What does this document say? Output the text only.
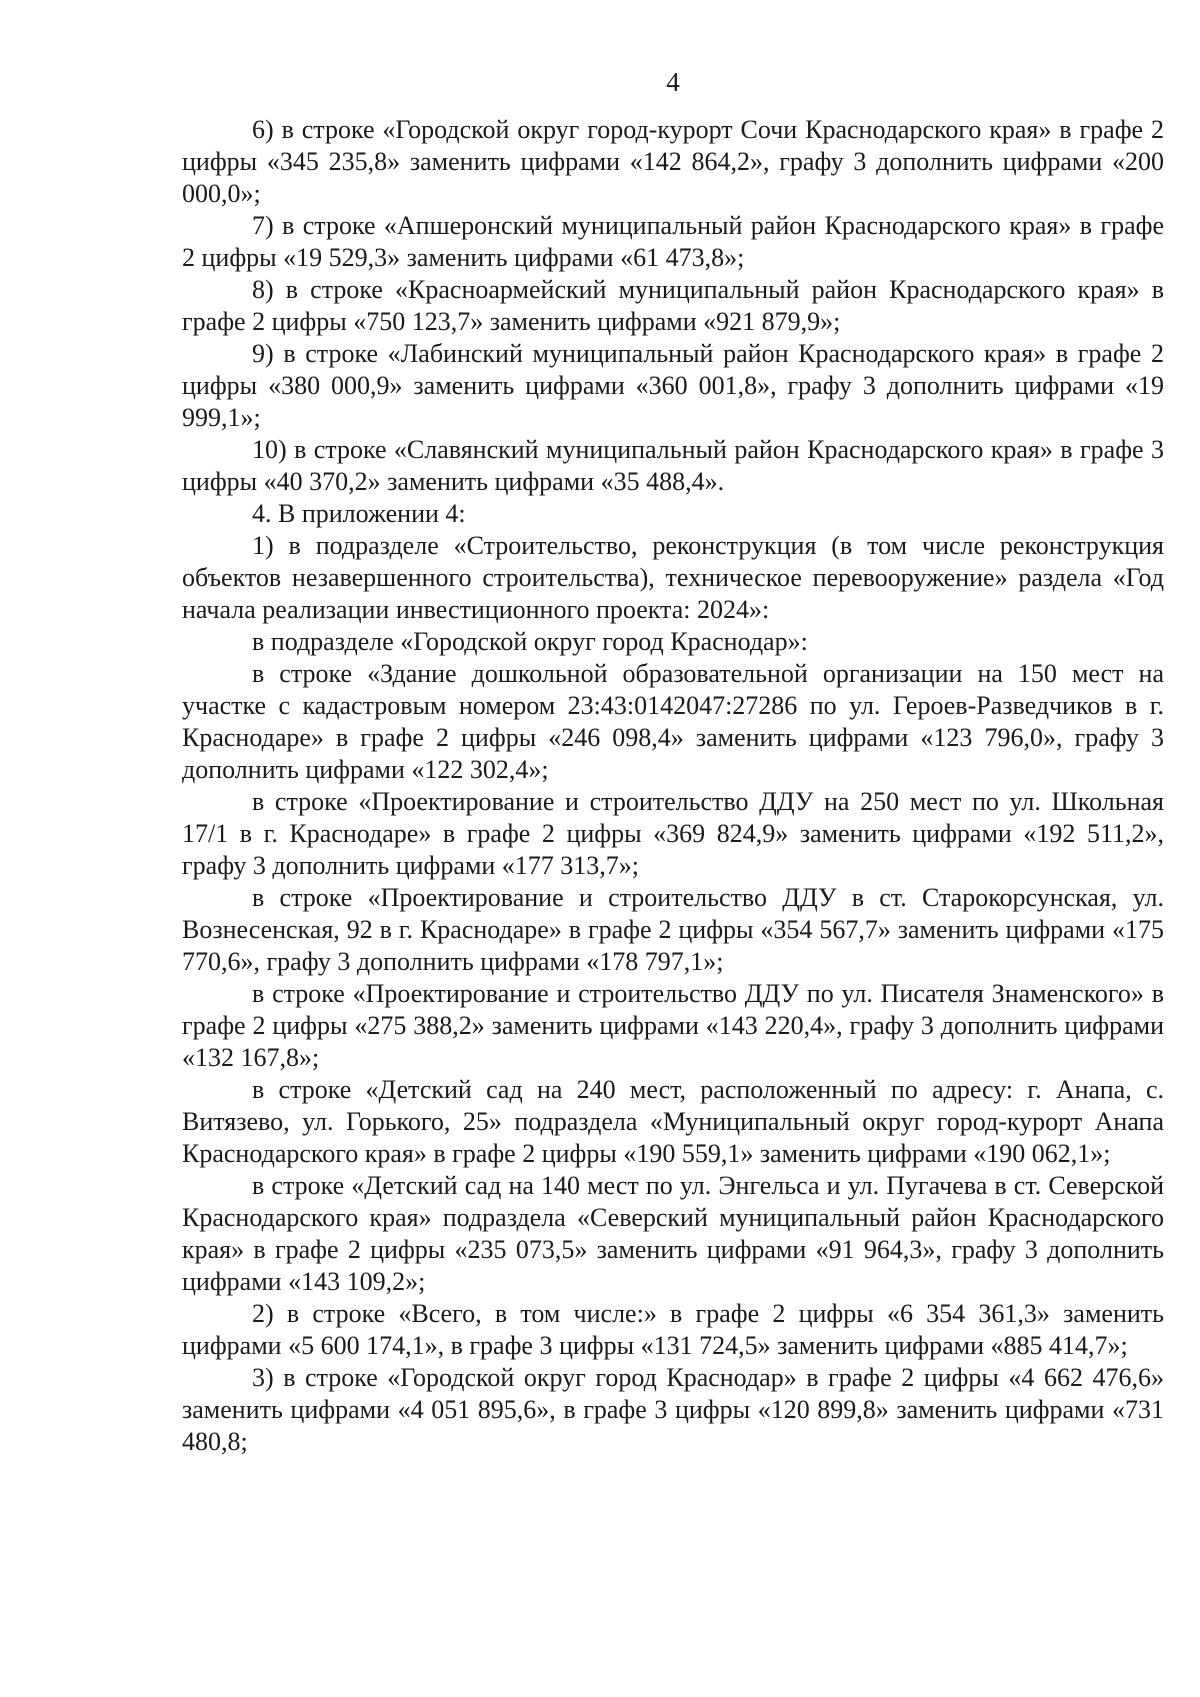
4

6) в строке «Городской округ город-курорт Сочи Краснодарского края» в графе 2 цифры «345 235,8» заменить цифрами «142 864,2», графу 3 дополнить цифрами «200 000,0»;

7) в строке «Апшеронский муниципальный район Краснодарского края» в графе 2 цифры «19 529,3» заменить цифрами «61 473,8»;

8) в строке «Красноармейский муниципальный район Краснодарского края» в графе 2 цифры «750 123,7» заменить цифрами «921 879,9»;

9) в строке «Лабинский муниципальный район Краснодарского края» в графе 2 цифры «380 000,9» заменить цифрами «360 001,8», графу 3 дополнить цифрами «19 999,1»;

10) в строке «Славянский муниципальный район Краснодарского края» в графе 3 цифры «40 370,2» заменить цифрами «35 488,4».

4. В приложении 4:

1) в подразделе «Строительство, реконструкция (в том числе реконструкция объектов незавершенного строительства), техническое перевооружение» раздела «Год начала реализации инвестиционного проекта: 2024»:

в подразделе «Городской округ город Краснодар»:

в строке «Здание дошкольной образовательной организации на 150 мест на участке с кадастровым номером 23:43:0142047:27286 по ул. Героев-Разведчиков в г. Краснодаре» в графе 2 цифры «246 098,4» заменить цифрами «123 796,0», графу 3 дополнить цифрами «122 302,4»;

в строке «Проектирование и строительство ДДУ на 250 мест по ул. Школьная 17/1 в г. Краснодаре» в графе 2 цифры «369 824,9» заменить цифрами «192 511,2», графу 3 дополнить цифрами «177 313,7»;

в строке «Проектирование и строительство ДДУ в ст. Старокорсунская, ул. Вознесенская, 92 в г. Краснодаре» в графе 2 цифры «354 567,7» заменить цифрами «175 770,6», графу 3 дополнить цифрами «178 797,1»;

в строке «Проектирование и строительство ДДУ по ул. Писателя Знаменского» в графе 2 цифры «275 388,2» заменить цифрами «143 220,4», графу 3 дополнить цифрами «132 167,8»;

в строке «Детский сад на 240 мест, расположенный по адресу: г. Анапа, с. Витязево, ул. Горького, 25» подраздела «Муниципальный округ город-курорт Анапа Краснодарского края» в графе 2 цифры «190 559,1» заменить цифрами «190 062,1»;

в строке «Детский сад на 140 мест по ул. Энгельса и ул. Пугачева в ст. Северской Краснодарского края» подраздела «Северский муниципальный район Краснодарского края» в графе 2 цифры «235 073,5» заменить цифрами «91 964,3», графу 3 дополнить цифрами «143 109,2»;

2) в строке «Всего, в том числе:» в графе 2 цифры «6 354 361,3» заменить цифрами «5 600 174,1», в графе 3 цифры «131 724,5» заменить цифрами «885 414,7»;

3) в строке «Городской округ город Краснодар» в графе 2 цифры «4 662 476,6» заменить цифрами «4 051 895,6», в графе 3 цифры «120 899,8» заменить цифрами «731 480,8;
